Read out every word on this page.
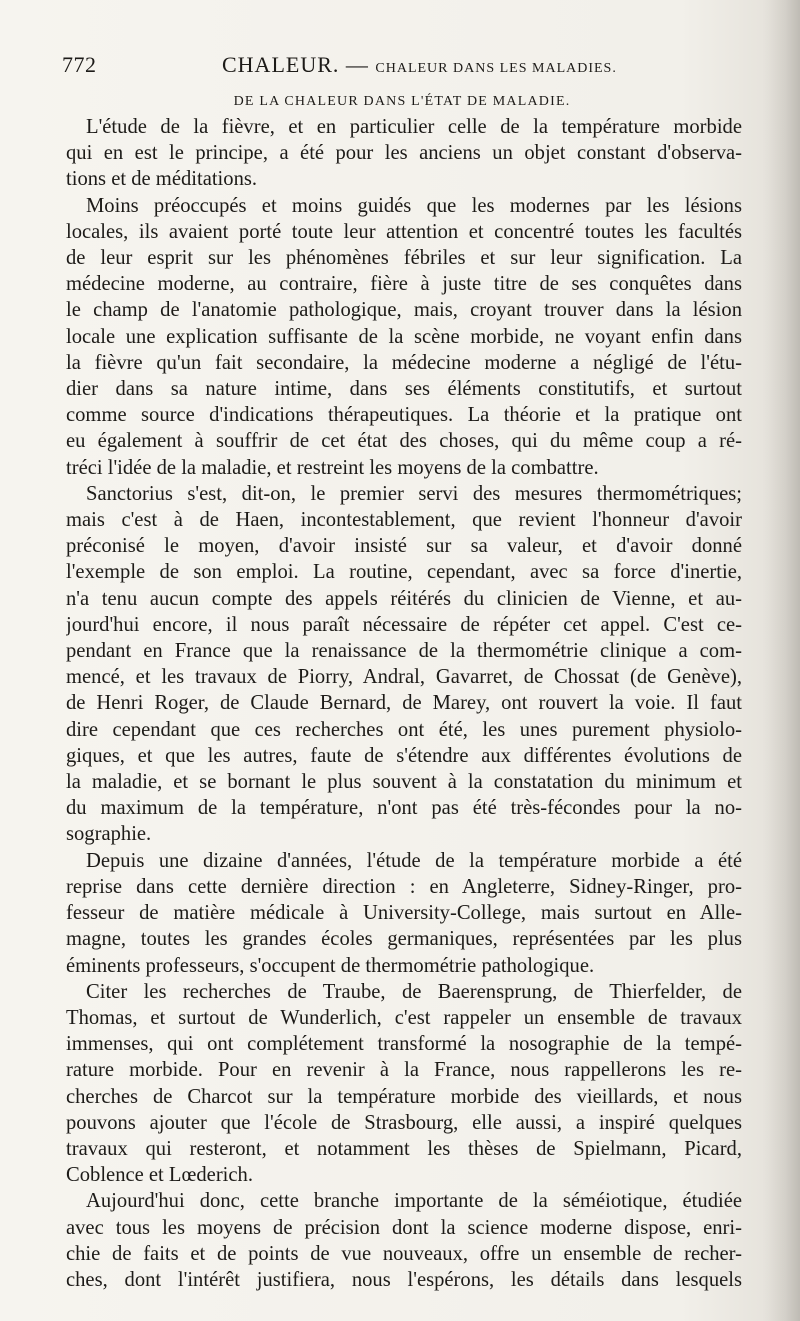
772	CHALEUR. — CHALEUR DANS LES MALADIES.
DE LA CHALEUR DANS L'ÉTAT DE MALADIE.

L'étude de la fièvre, et en particulier celle de la température morbide
qui en est le principe, a été pour les anciens un objet constant d'observa-
tions et de méditations.

Moins préoccupés et moins guidés que les modernes par les lésions
locales, ils avaient porté toute leur attention et concentré toutes les facultés
de leur esprit sur les phénomènes fébriles et sur leur signification. La
médecine moderne, au contraire, fière à juste titre de ses conquêtes dans
le champ de l'anatomie pathologique, mais, croyant trouver dans la lésion
locale une explication suffisante de la scène morbide, ne voyant enfin dans
la fièvre qu'un fait secondaire, la médecine moderne a négligé de l'étu-
dier dans sa nature intime, dans ses éléments constitutifs, et surtout
comme source d'indications thérapeutiques. La théorie et la pratique ont
eu également à souffrir de cet état des choses, qui du même coup a ré-
tréci l'idée de la maladie, et restreint les moyens de la combattre.

Sanctorius s'est, dit-on, le premier servi des mesures thermométriques;
mais c'est à de Haen, incontestablement, que revient l'honneur d'avoir
préconisé le moyen, d'avoir insisté sur sa valeur, et d'avoir donné
l'exemple de son emploi. La routine, cependant, avec sa force d'inertie,
n'a tenu aucun compte des appels réitérés du clinicien de Vienne, et au-
jourd'hui encore, il nous paraît nécessaire de répéter cet appel. C'est ce-
pendant en France que la renaissance de la thermométrie clinique a com-
mencé, et les travaux de Piorry, Andral, Gavarret, de Chossat (de Genève),
de Henri Roger, de Claude Bernard, de Marey, ont rouvert la voie. Il faut
dire cependant que ces recherches ont été, les unes purement physiolo-
giques, et que les autres, faute de s'étendre aux différentes évolutions de
la maladie, et se bornant le plus souvent à la constatation du minimum et
du maximum de la température, n'ont pas été très-fécondes pour la no-
sographie.

Depuis une dizaine d'années, l'étude de la température morbide a été
reprise dans cette dernière direction : en Angleterre, Sidney-Ringer, pro-
fesseur de matière médicale à University-College, mais surtout en Alle-
magne, toutes les grandes écoles germaniques, représentées par les plus
éminents professeurs, s'occupent de thermométrie pathologique.

Citer les recherches de Traube, de Baerensprung, de Thierfelder, de
Thomas, et surtout de Wunderlich, c'est rappeler un ensemble de travaux
immenses, qui ont complétement transformé la nosographie de la tempé-
rature morbide. Pour en revenir à la France, nous rappellerons les re-
cherches de Charcot sur la température morbide des vieillards, et nous
pouvons ajouter que l'école de Strasbourg, elle aussi, a inspiré quelques
travaux qui resteront, et notamment les thèses de Spielmann, Picard,
Coblence et Lœderich.

Aujourd'hui donc, cette branche importante de la séméiotique, étudiée
avec tous les moyens de précision dont la science moderne dispose, enri-
chie de faits et de points de vue nouveaux, offre un ensemble de recher-
ches, dont l'intérêt justifiera, nous l'espérons, les détails dans lesquels
